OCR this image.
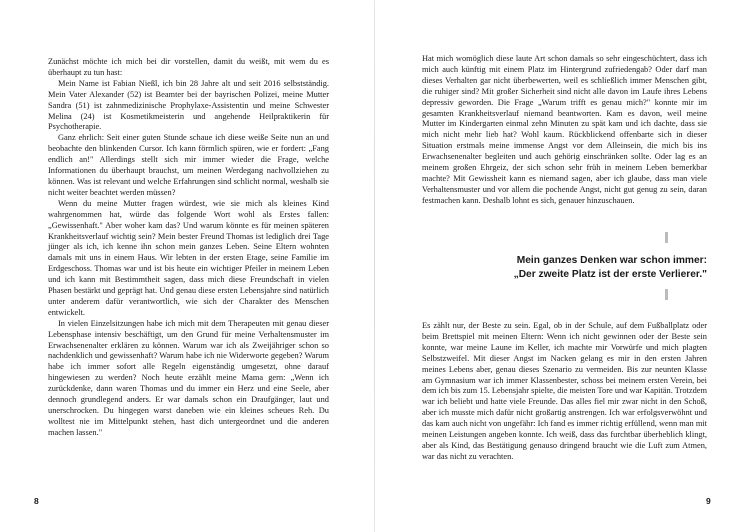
Zunächst möchte ich mich bei dir vorstellen, damit du weißt, mit wem du es überhaupt zu tun hast:

Mein Name ist Fabian Nießl, ich bin 28 Jahre alt und seit 2016 selbstständig. Mein Vater Alexander (52) ist Beamter bei der bayrischen Polizei, meine Mutter Sandra (51) ist zahnmedizinische Prophylaxe-Assistentin und meine Schwester Melina (24) ist Kosmetikmeisterin und angehende Heilpraktikerin für Psychotherapie.

Ganz ehrlich: Seit einer guten Stunde schaue ich diese weiße Seite nun an und beobachte den blinkenden Cursor. Ich kann förmlich spüren, wie er fordert: „Fang endlich an!" Allerdings stellt sich mir immer wieder die Frage, welche Informationen du überhaupt brauchst, um meinen Werdegang nachvollziehen zu können. Was ist relevant und welche Erfahrungen sind schlicht normal, weshalb sie nicht weiter beachtet werden müssen?

Wenn du meine Mutter fragen würdest, wie sie mich als kleines Kind wahrgenommen hat, würde das folgende Wort wohl als Erstes fallen: „Gewissenhaft." Aber woher kam das? Und warum könnte es für meinen späteren Krankheitsverlauf wichtig sein? Mein bester Freund Thomas ist lediglich drei Tage jünger als ich, ich kenne ihn schon mein ganzes Leben. Seine Eltern wohnten damals mit uns in einem Haus. Wir lebten in der ersten Etage, seine Familie im Erdgeschoss. Thomas war und ist bis heute ein wichtiger Pfeiler in meinem Leben und ich kann mit Bestimmtheit sagen, dass mich diese Freundschaft in vielen Phasen bestärkt und geprägt hat. Und genau diese ersten Lebensjahre sind natürlich unter anderem dafür verantwortlich, wie sich der Charakter des Menschen entwickelt.

In vielen Einzelsitzungen habe ich mich mit dem Therapeuten mit genau dieser Lebensphase intensiv beschäftigt, um den Grund für meine Verhaltensmuster im Erwachsenenalter erklären zu können. Warum war ich als Zweijähriger schon so nachdenklich und gewissenhaft? Warum habe ich nie Widerworte gegeben? Warum habe ich immer sofort alle Regeln eigenständig umgesetzt, ohne darauf hingewiesen zu werden? Noch heute erzählt meine Mama gern: „Wenn ich zurückdenke, dann waren Thomas und du immer ein Herz und eine Seele, aber dennoch grundlegend anders. Er war damals schon ein Draufgänger, laut und unerschrocken. Du hingegen warst daneben wie ein kleines scheues Reh. Du wolltest nie im Mittelpunkt stehen, hast dich untergeordnet und die anderen machen lassen."

8

Hat mich womöglich diese laute Art schon damals so sehr eingeschüchtert, dass ich mich auch künftig mit einem Platz im Hintergrund zufriedengab? Oder darf man dieses Verhalten gar nicht überbewerten, weil es schließlich immer Menschen gibt, die ruhiger sind? Mit großer Sicherheit sind nicht alle davon im Laufe ihres Lebens depressiv geworden. Die Frage „Warum trifft es genau mich?" konnte mir im gesamten Krankheitsverlauf niemand beantworten. Kam es davon, weil meine Mutter im Kindergarten einmal zehn Minuten zu spät kam und ich dachte, dass sie mich nicht mehr lieb hat? Wohl kaum. Rückblickend offenbarte sich in dieser Situation erstmals meine immense Angst vor dem Alleinsein, die mich bis ins Erwachsenenalter begleiten und auch gehörig einschränken sollte. Oder lag es an meinem großen Ehrgeiz, der sich schon sehr früh in meinem Leben bemerkbar machte? Mit Gewissheit kann es niemand sagen, aber ich glaube, dass man viele Verhaltensmuster und vor allem die pochende Angst, nicht gut genug zu sein, daran festmachen kann. Deshalb lohnt es sich, genauer hinzuschauen.

Mein ganzes Denken war schon immer:
„Der zweite Platz ist der erste Verlierer."

Es zählt nur, der Beste zu sein. Egal, ob in der Schule, auf dem Fußballplatz oder beim Brettspiel mit meinen Eltern: Wenn ich nicht gewinnen oder der Beste sein konnte, war meine Laune im Keller, ich machte mir Vorwürfe und mich plagten Selbstzweifel. Mit dieser Angst im Nacken gelang es mir in den ersten Jahren meines Lebens aber, genau dieses Szenario zu vermeiden. Bis zur neunten Klasse am Gymnasium war ich immer Klassenbester, schoss bei meinem ersten Verein, bei dem ich bis zum 15. Lebensjahr spielte, die meisten Tore und war Kapitän. Trotzdem war ich beliebt und hatte viele Freunde. Das alles fiel mir zwar nicht in den Schoß, aber ich musste mich dafür nicht großartig anstrengen. Ich war erfolgsverwöhnt und das kam auch nicht von ungefähr: Ich fand es immer richtig erfüllend, wenn man mit meinen Leistungen angeben konnte. Ich weiß, dass das furchtbar überheblich klingt, aber als Kind, das Bestätigung genauso dringend braucht wie die Luft zum Atmen, war das nicht zu verachten.

9
